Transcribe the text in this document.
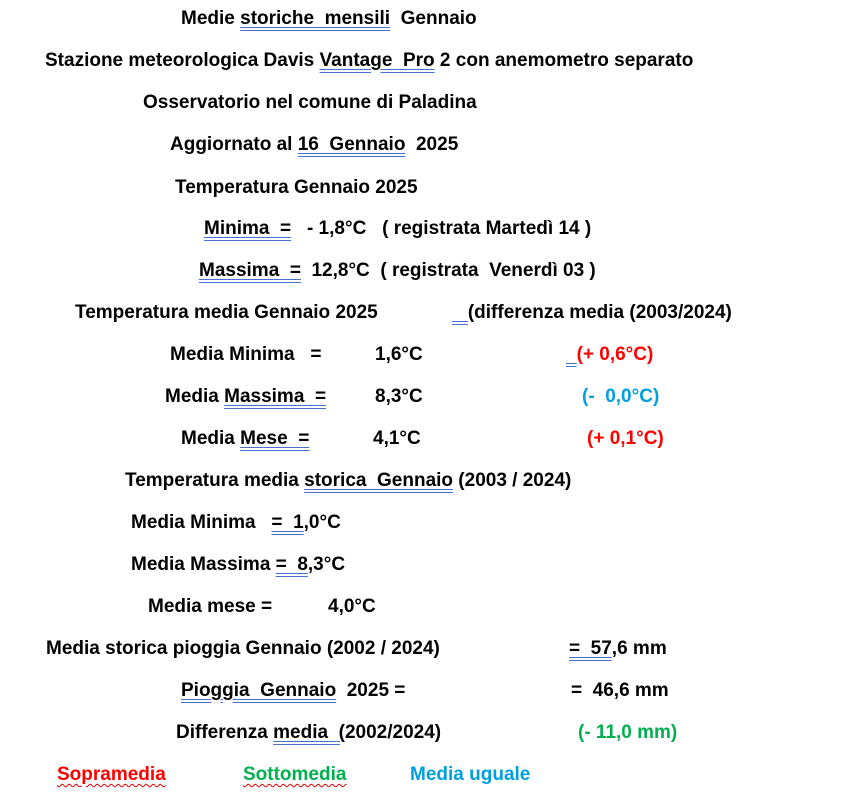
Medie storiche  mensili  Gennaio
Stazione meteorologica Davis Vantage  Pro 2 con anemometro separato
Osservatorio nel comune di Paladina
Aggiornato al 16  Gennaio  2025
Temperatura Gennaio 2025
Minima  =   - 1,8°C   ( registrata Martedì 14 )
Massima  =  12,8°C  ( registrata  Venerdì 03 )
Temperatura media Gennaio 2025	(differenza media (2003/2024)
Media Minima   =	1,6°C	(+ 0,6°C)
Media Massima  =	8,3°C	(-  0,0°C)
Media Mese  =	4,1°C	(+ 0,1°C)
Temperatura media storica  Gennaio (2003 / 2024)
Media Minima   =  1,0°C
Media Massima =  8,3°C
Media mese =	4,0°C
Media storica pioggia Gennaio (2002 / 2024)	=  57,6 mm
Pioggia  Gennaio  2025 =	=  46,6 mm
Differenza media  (2002/2024)	(- 11,0 mm)
Sopramedia	Sottomedia	Media uguale
